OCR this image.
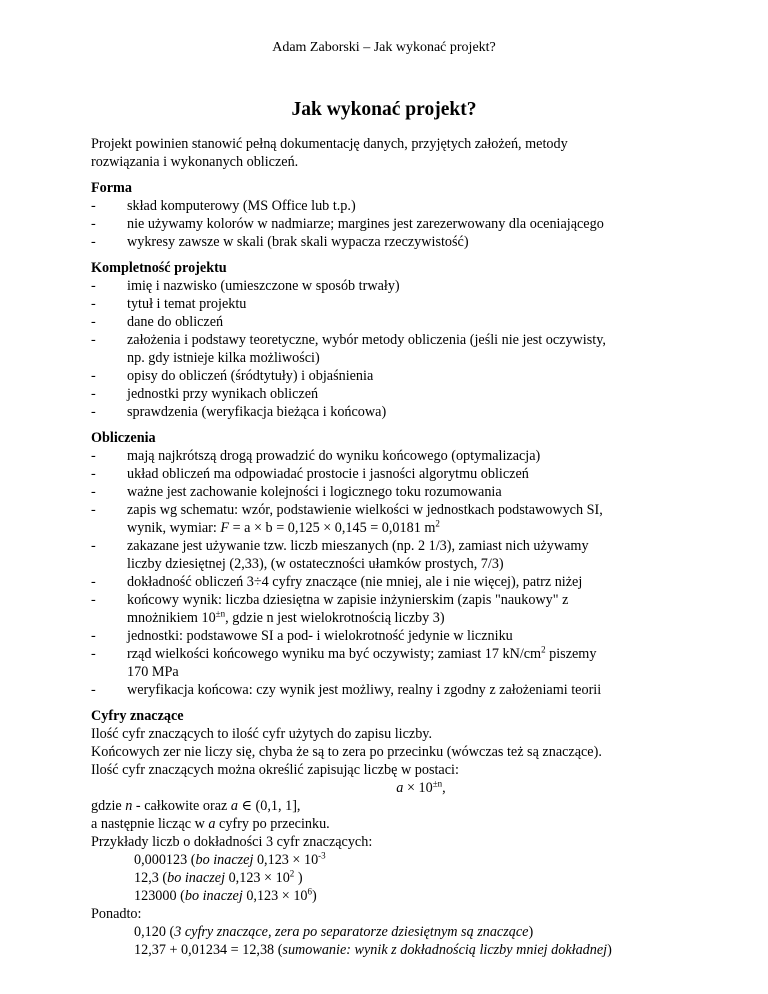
Adam Zaborski – Jak wykonać projekt?
Jak wykonać projekt?

Projekt powinien stanowić pełną dokumentację danych, przyjętych założeń, metody
rozwiązania i wykonanych obliczeń.

Forma
- skład komputerowy (MS Office lub t.p.)
- nie używamy kolorów w nadmiarze; margines jest zarezerwowany dla oceniającego
- wykresy zawsze w skali (brak skali wypacza rzeczywistość)
Kompletność projektu
- imię i nazwisko (umieszczone w sposób trwały)
- tytuł i temat projektu
- dane do obliczeń
- założenia i podstawy teoretyczne, wybór metody obliczenia (jeśli nie jest oczywisty,
np. gdy istnieje kilka możliwości)
- opisy do obliczeń (śródtytuły) i objaśnienia
- jednostki przy wynikach obliczeń
- sprawdzenia (weryfikacja bieżąca i końcowa)
Obliczenia
- mają najkrótszą drogą prowadzić do wyniku końcowego (optymalizacja)
- układ obliczeń ma odpowiadać prostocie i jasności algorytmu obliczeń
- ważne jest zachowanie kolejności i logicznego toku rozumowania
- zapis wg schematu: wzór, podstawienie wielkości w jednostkach podstawowych SI,
wynik, wymiar: F = a × b = 0,125 × 0,145 = 0,0181 $m^2$
- zakazane jest używanie tzw. liczb mieszanych (np. 2 1/3), zamiast nich używamy
liczby dziesiętnej (2,33), (w ostateczności ułamków prostych, 7/3)
- dokładność obliczeń 3÷4 cyfry znaczące (nie mniej, ale i nie więcej), patrz niżej
- końcowy wynik: liczba dziesiętna w zapisie inżynierskim (zapis "naukowy" z
mnożnikiem $10^{\pm n}$, gdzie n jest wielokrotnością liczby 3)
- jednostki: podstawowe SI a pod- i wielokrotność jedynie w liczniku
- rząd wielkości końcowego wyniku ma być oczywisty; zamiast 17 $kN/cm^2$ piszemy
170 MPa
- weryfikacja końcowa: czy wynik jest możliwy, realny i zgodny z założeniami teorii
Cyfry znaczące

Ilość cyfr znaczących to ilość cyfr użytych do zapisu liczby.

Końcowych zer nie liczy się, chyba że są to zera po przecinku (wówczas też są znaczące).

Ilość cyfr znaczących można określić zapisując liczbę w postaci:

$a \times 10^{\pm n}$,

gdzie n - całkowite oraz a ∈ (0,1, 1],

a następnie licząc w a cyfry po przecinku.

Przykłady liczb o dokładności 3 cyfr znaczących:

0,000123 (bo inaczej $0,123 \times 10^{-3}$

12,3 (bo inaczej $0,123 \times 10^2$ )

123000 (bo inaczej $0,123 \times 10^6$)

Ponadto:

0,120 (3 cyfry znaczące, zera po separatorze dziesiętnym są znaczące)

12,37 + 0,01234 = 12,38 (sumowanie: wynik z dokładnością liczby mniej dokładnej)
